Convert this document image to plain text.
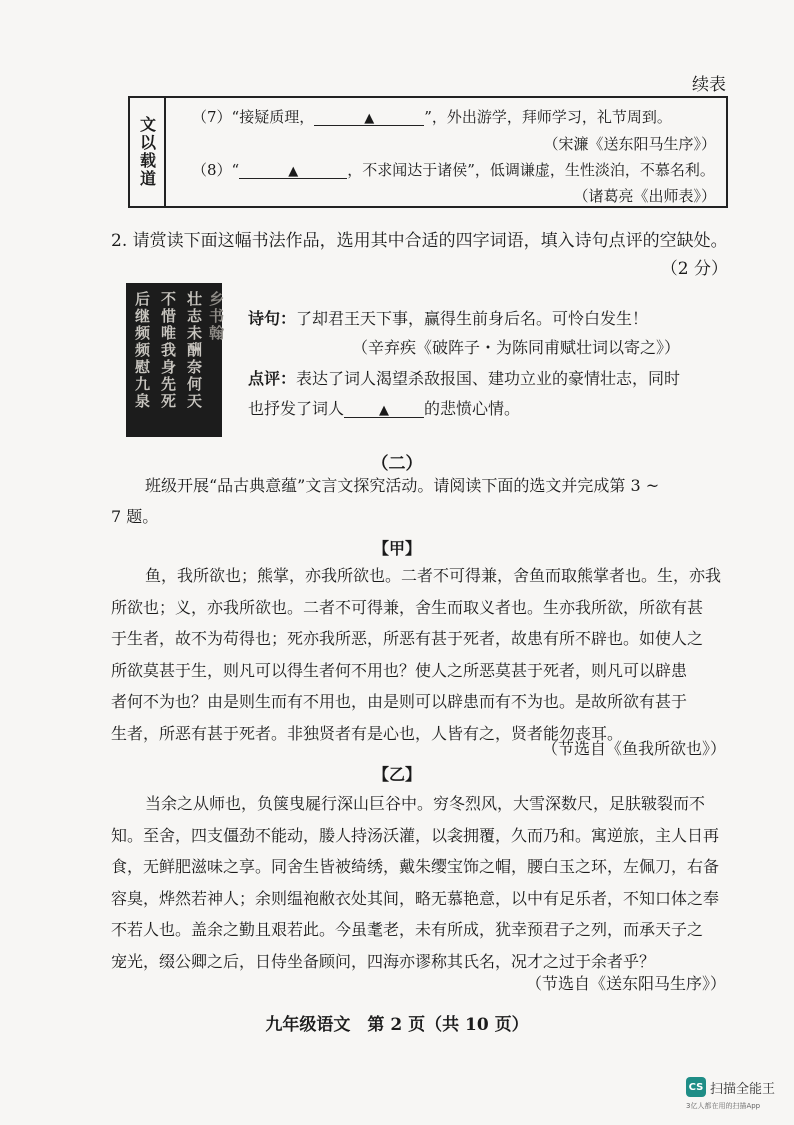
续表
文以载道 （7）“接疑质理，	▲	”，外出游学，拜师学习，礼节周到。
（宋濂《送东阳马生序》）
（8）“	▲	，不求闻达于诸侯”，低调谦虚，生性淡泊，不慕名利。
（诸葛亮《出师表》）
2. 请赏读下面这幅书法作品，选用其中合适的四字词语，填入诗句点评的空缺处。
（2 分）
壮志未酬奈何天
不惜唯我身先死
后继频频慰九泉	乡书翰 诗句：了却君王天下事，赢得生前身后名。可怜白发生！
（辛弃疾《破阵子・为陈同甫赋壮词以寄之》）
点评：表达了词人渴望杀敌报国、建功立业的豪情壮志，同时
也抒发了词人	▲ 的悲愤心情。
（二）
班级开展“品古典意蕴”文言文探究活动。请阅读下面的选文并完成第 3 ~
7 题。
【甲】
鱼，我所欲也；熊掌，亦我所欲也。二者不可得兼，舍鱼而取熊掌者也。生，亦我
所欲也；义，亦我所欲也。二者不可得兼，舍生而取义者也。生亦我所欲，所欲有甚
于生者，故不为苟得也；死亦我所恶，所恶有甚于死者，故患有所不辟也。如使人之
所欲莫甚于生，则凡可以得生者何不用也？使人之所恶莫甚于死者，则凡可以辟患
者何不为也？由是则生而有不用也，由是则可以辟患而有不为也。是故所欲有甚于
生者，所恶有甚于死者。非独贤者有是心也，人皆有之，贤者能勿丧耳。
（节选自《鱼我所欲也》）
【乙】
当余之从师也，负箧曳屣行深山巨谷中。穷冬烈风，大雪深数尺，足肤皲裂而不
知。至舍，四支僵劲不能动，媵人持汤沃灌，以衾拥覆，久而乃和。寓逆旅，主人日再
食，无鲜肥滋味之享。同舍生皆被绮绣，戴朱缨宝饰之帽，腰白玉之环，左佩刀，右备
容臭，烨然若神人；余则缊袍敝衣处其间，略无慕艳意，以中有足乐者，不知口体之奉
不若人也。盖余之勤且艰若此。今虽耄老，未有所成，犹幸预君子之列，而承天子之
宠光，缀公卿之后，日侍坐备顾问，四海亦谬称其氏名，况才之过于余者乎？
（节选自《送东阳马生序》）
九年级语文　第 2 页（共 10 页）
CS 扫描全能王
3亿人都在用的扫描App
